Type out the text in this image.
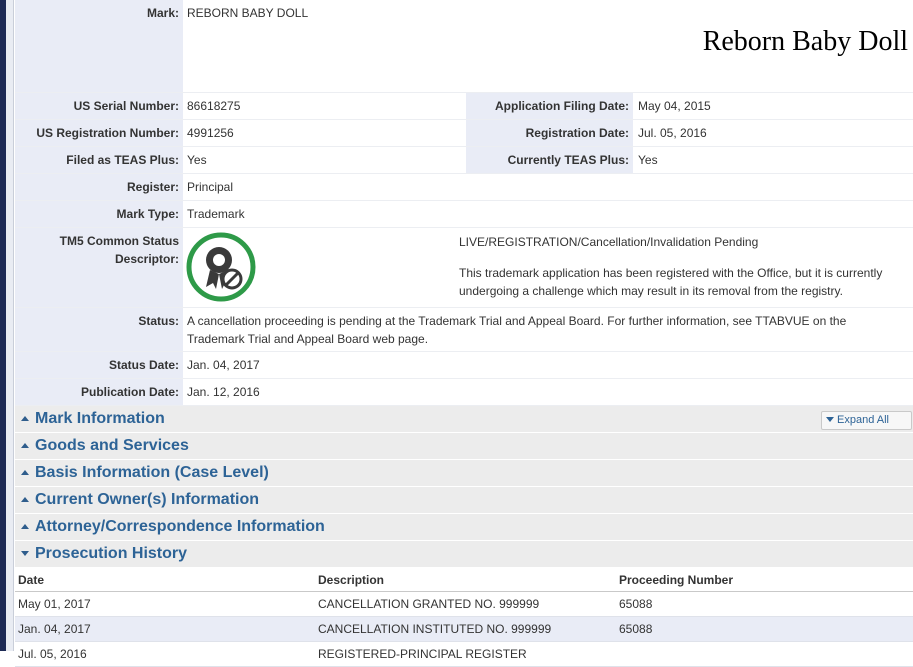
Mark: REBORN BABY DOLL
Reborn Baby Doll
US Serial Number: 86618275	Application Filing Date: May 04, 2015
US Registration Number: 4991256	Registration Date: Jul. 05, 2016
Filed as TEAS Plus: Yes	Currently TEAS Plus: Yes
Register: Principal
Mark Type: Trademark
TM5 Common Status
Descriptor:
LIVE/REGISTRATION/Cancellation/Invalidation Pending
This trademark application has been registered with the Office, but it is currently undergoing a challenge which may result in its removal from the registry.
Status: A cancellation proceeding is pending at the Trademark Trial and Appeal Board. For further information, see TTABVUE on the Trademark Trial and Appeal Board web page.
Status Date: Jan. 04, 2017
Publication Date: Jan. 12, 2016
Mark Information	Expand All
Goods and Services
Basis Information (Case Level)
Current Owner(s) Information
Attorney/Correspondence Information
Prosecution History
Date	Description	Proceeding Number
May 01, 2017	CANCELLATION GRANTED NO. 999999	65088
Jan. 04, 2017	CANCELLATION INSTITUTED NO. 999999	65088
Jul. 05, 2016	REGISTERED-PRINCIPAL REGISTER
